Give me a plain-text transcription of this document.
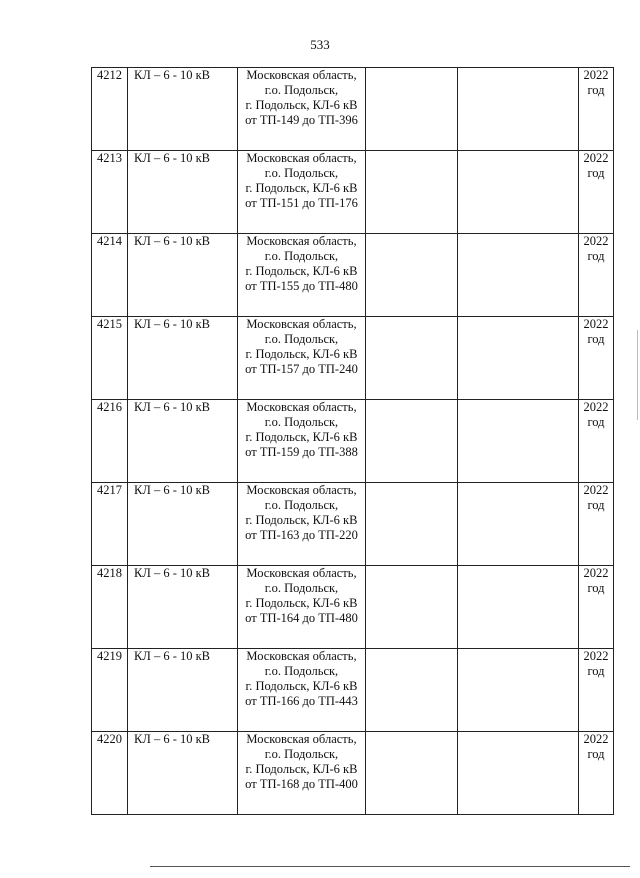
533
4212	КЛ – 6 - 10 кВ	Московская область,
г.о. Подольск,
г. Подольск, КЛ-6 кВ
от ТП-149 до ТП-396			2022
год

4213	КЛ – 6 - 10 кВ	Московская область,
г.о. Подольск,
г. Подольск, КЛ-6 кВ
от ТП-151 до ТП-176			2022
год

4214	КЛ – 6 - 10 кВ	Московская область,
г.о. Подольск,
г. Подольск, КЛ-6 кВ
от ТП-155 до ТП-480			2022
год

4215	КЛ – 6 - 10 кВ	Московская область,
г.о. Подольск,
г. Подольск, КЛ-6 кВ
от ТП-157 до ТП-240			2022
год

4216	КЛ – 6 - 10 кВ	Московская область,
г.о. Подольск,
г. Подольск, КЛ-6 кВ
от ТП-159 до ТП-388			2022
год

4217	КЛ – 6 - 10 кВ	Московская область,
г.о. Подольск,
г. Подольск, КЛ-6 кВ
от ТП-163 до ТП-220			2022
год

4218	КЛ – 6 - 10 кВ	Московская область,
г.о. Подольск,
г. Подольск, КЛ-6 кВ
от ТП-164 до ТП-480			2022
год

4219	КЛ – 6 - 10 кВ	Московская область,
г.о. Подольск,
г. Подольск, КЛ-6 кВ
от ТП-166 до ТП-443			2022
год

4220	КЛ – 6 - 10 кВ	Московская область,
г.о. Подольск,
г. Подольск, КЛ-6 кВ
от ТП-168 до ТП-400			2022
год
